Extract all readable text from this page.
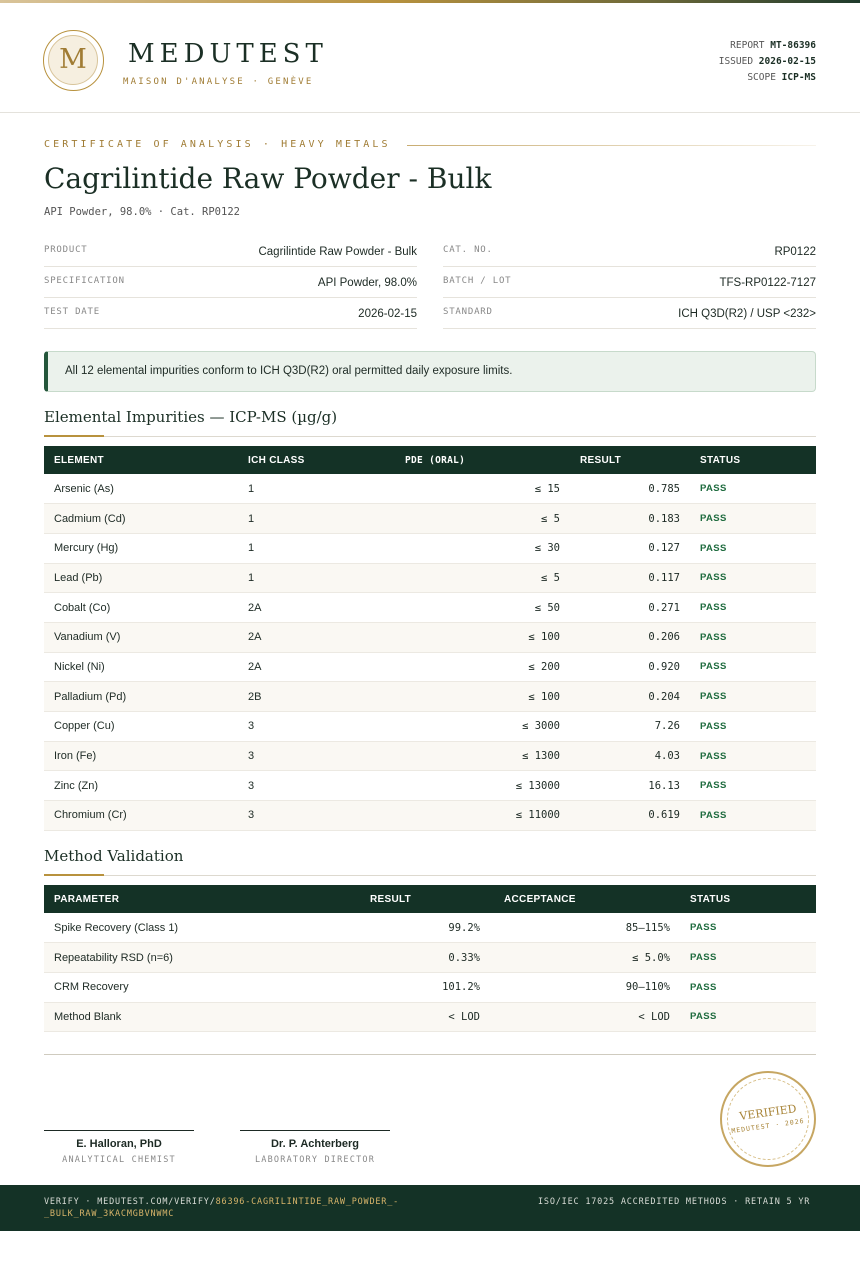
M	MEDUTEST
MAISON D'ANALYSE · GENÈVE
REPORT MT-86396
ISSUED 2026-02-15
SCOPE ICP-MS
CERTIFICATE OF ANALYSIS · HEAVY METALS
Cagrilintide Raw Powder - Bulk
API Powder, 98.0% · Cat. RP0122
PRODUCT	Cagrilintide Raw Powder - Bulk
SPECIFICATION	API Powder, 98.0%
TEST DATE	2026-02-15
CAT. NO.	RP0122
BATCH / LOT	TFS-RP0122-7127
STANDARD	ICH Q3D(R2) / USP <232>
All 12 elemental impurities conform to ICH Q3D(R2) oral permitted daily exposure limits.
Elemental Impurities — ICP-MS (µg/g)
ELEMENT	ICH CLASS	PDE (ORAL)	RESULT	STATUS
Arsenic (As)	1	≤ 15	0.785	PASS
Cadmium (Cd)	1	≤ 5	0.183	PASS
Mercury (Hg)	1	≤ 30	0.127	PASS
Lead (Pb)	1	≤ 5	0.117	PASS
Cobalt (Co)	2A	≤ 50	0.271	PASS
Vanadium (V)	2A	≤ 100	0.206	PASS
Nickel (Ni)	2A	≤ 200	0.920	PASS
Palladium (Pd)	2B	≤ 100	0.204	PASS
Copper (Cu)	3	≤ 3000	7.26	PASS
Iron (Fe)	3	≤ 1300	4.03	PASS
Zinc (Zn)	3	≤ 13000	16.13	PASS
Chromium (Cr)	3	≤ 11000	0.619	PASS
Method Validation
PARAMETER	RESULT	ACCEPTANCE	STATUS
Spike Recovery (Class 1)	99.2%	85–115%	PASS
Repeatability RSD (n=6)	0.33%	≤ 5.0%	PASS
CRM Recovery	101.2%	90–110%	PASS
Method Blank	< LOD	< LOD	PASS
E. Halloran, PhD
ANALYTICAL CHEMIST
Dr. P. Achterberg
LABORATORY DIRECTOR
VERIFIED
MEDUTEST · 2026
VERIFY · MEDUTEST.COM/VERIFY/86396-CAGRILINTIDE_RAW_POWDER_-_BULK_RAW_3KACMGBVNWMC
ISO/IEC 17025 ACCREDITED METHODS · RETAIN 5 YR
